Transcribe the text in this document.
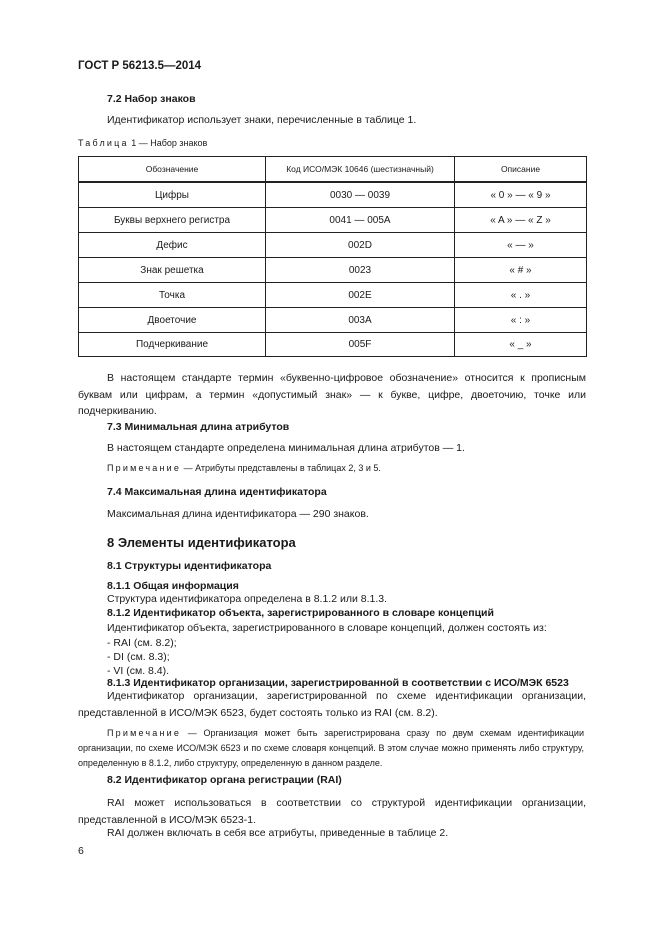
ГОСТ Р 56213.5—2014
7.2 Набор знаков
Идентификатор использует знаки, перечисленные в таблице 1.
Таблица 1 — Набор знаков
Обозначение	Код ИСО/МЭК 10646 (шестизначный)	Описание
Цифры	0030 — 0039	« 0 » — « 9 »
Буквы верхнего регистра	0041 — 005A	« A » — « Z »
Дефис	002D	« — »
Знак решетка	0023	« # »
Точка	002E	« . »
Двоеточие	003A	« : »
Подчеркивание	005F	« _ »
В настоящем стандарте термин «буквенно-цифровое обозначение» относится к прописным буквам или цифрам, а термин «допустимый знак» — к букве, цифре, двоеточию, точке или подчеркиванию.
7.3 Минимальная длина атрибутов
В настоящем стандарте определена минимальная длина атрибутов — 1.
Примечание — Атрибуты представлены в таблицах 2, 3 и 5.
7.4 Максимальная длина идентификатора
Максимальная длина идентификатора — 290 знаков.
8 Элементы идентификатора
8.1 Структуры идентификатора
8.1.1 Общая информация
Структура идентификатора определена в 8.1.2 или 8.1.3.
8.1.2 Идентификатор объекта, зарегистрированного в словаре концепций
Идентификатор объекта, зарегистрированного в словаре концепций, должен состоять из:
- RAI (см. 8.2);
- DI (см. 8.3);
- VI (см. 8.4).
8.1.3 Идентификатор организации, зарегистрированной в соответствии с ИСО/МЭК 6523
Идентификатор организации, зарегистрированной по схеме идентификации организации, представленной в ИСО/МЭК 6523, будет состоять только из RAI (см. 8.2).
Примечание — Организация может быть зарегистрирована сразу по двум схемам идентификации организации, по схеме ИСО/МЭК 6523 и по схеме словаря концепций. В этом случае можно применять либо структуру, определенную в 8.1.2, либо структуру, определенную в данном разделе.
8.2 Идентификатор органа регистрации (RAI)
RAI может использоваться в соответствии со структурой идентификации организации, представленной в ИСО/МЭК 6523-1.
RAI должен включать в себя все атрибуты, приведенные в таблице 2.
6
